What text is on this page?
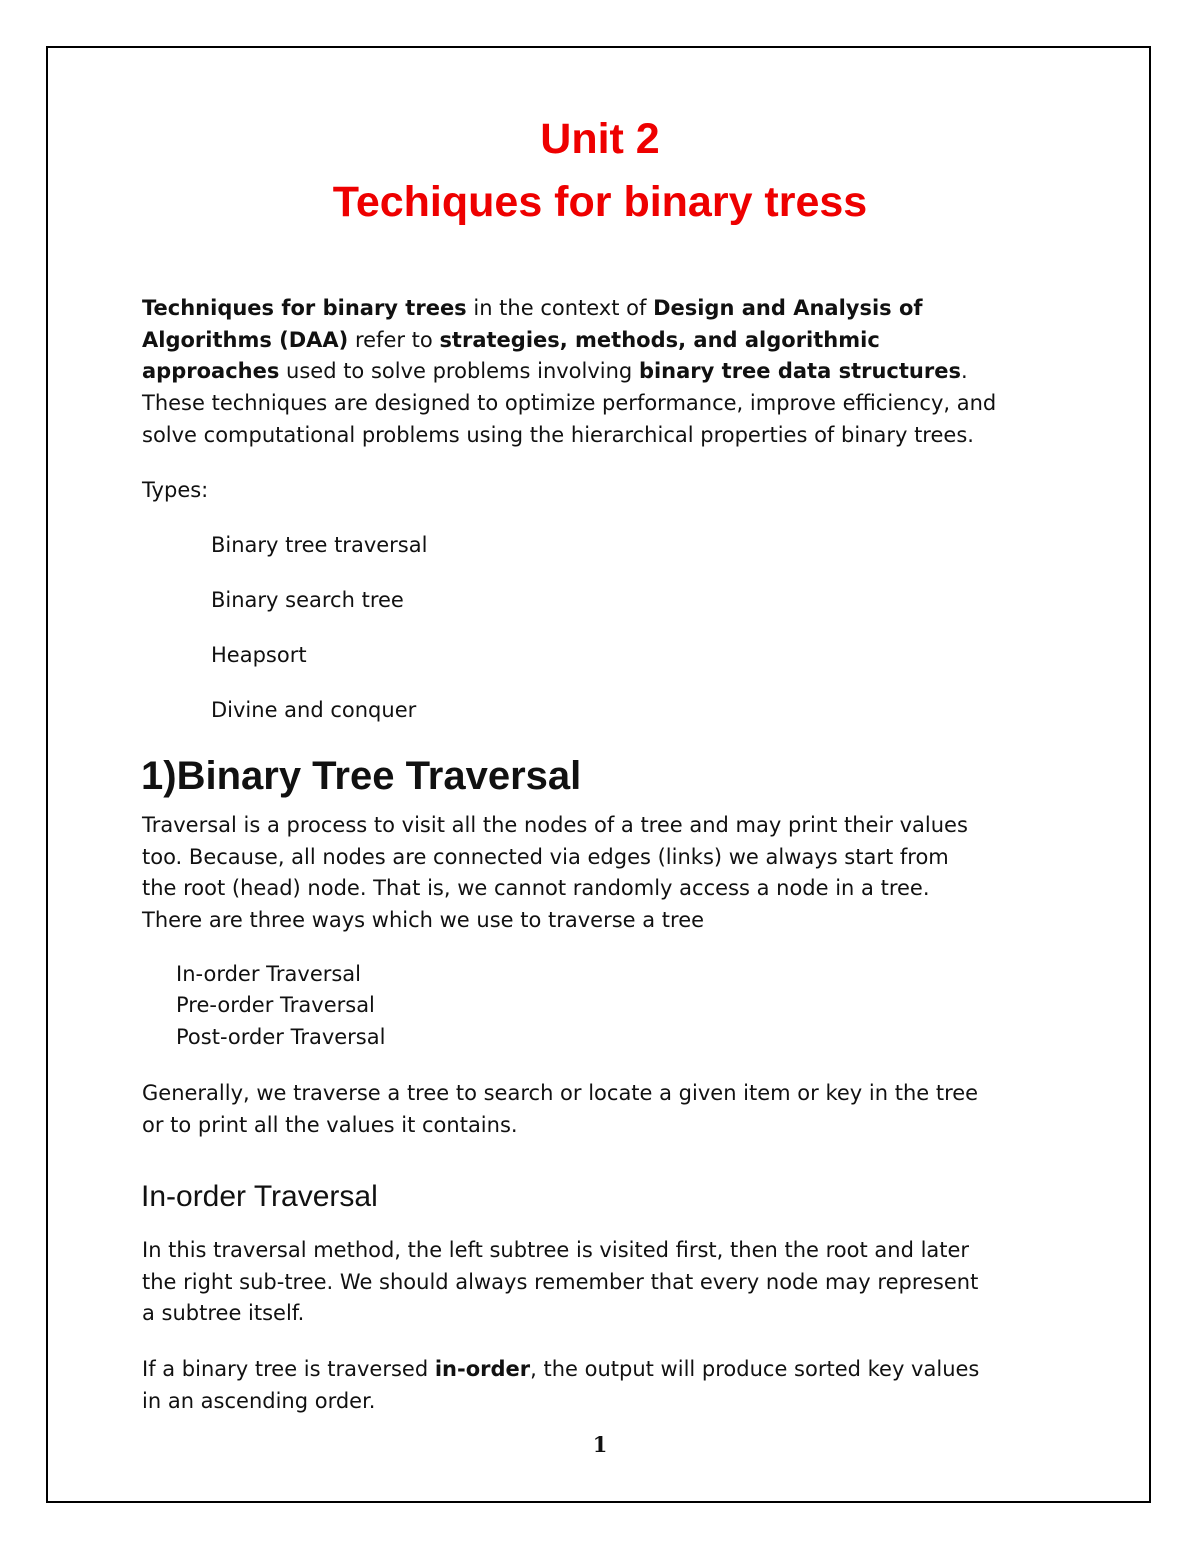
Unit 2
Techiques for binary tress

Techniques for binary trees in the context of Design and Analysis of
Algorithms (DAA) refer to strategies, methods, and algorithmic
approaches used to solve problems involving binary tree data structures.
These techniques are designed to optimize performance, improve efficiency, and
solve computational problems using the hierarchical properties of binary trees.

Types:

Binary tree traversal

Binary search tree

Heapsort

Divine and conquer

1)Binary Tree Traversal

Traversal is a process to visit all the nodes of a tree and may print their values
too. Because, all nodes are connected via edges (links) we always start from
the root (head) node. That is, we cannot randomly access a node in a tree.
There are three ways which we use to traverse a tree

In-order Traversal

Pre-order Traversal

Post-order Traversal

Generally, we traverse a tree to search or locate a given item or key in the tree
or to print all the values it contains.

In-order Traversal

In this traversal method, the left subtree is visited first, then the root and later
the right sub-tree. We should always remember that every node may represent
a subtree itself.

If a binary tree is traversed in-order, the output will produce sorted key values
in an ascending order.

1
